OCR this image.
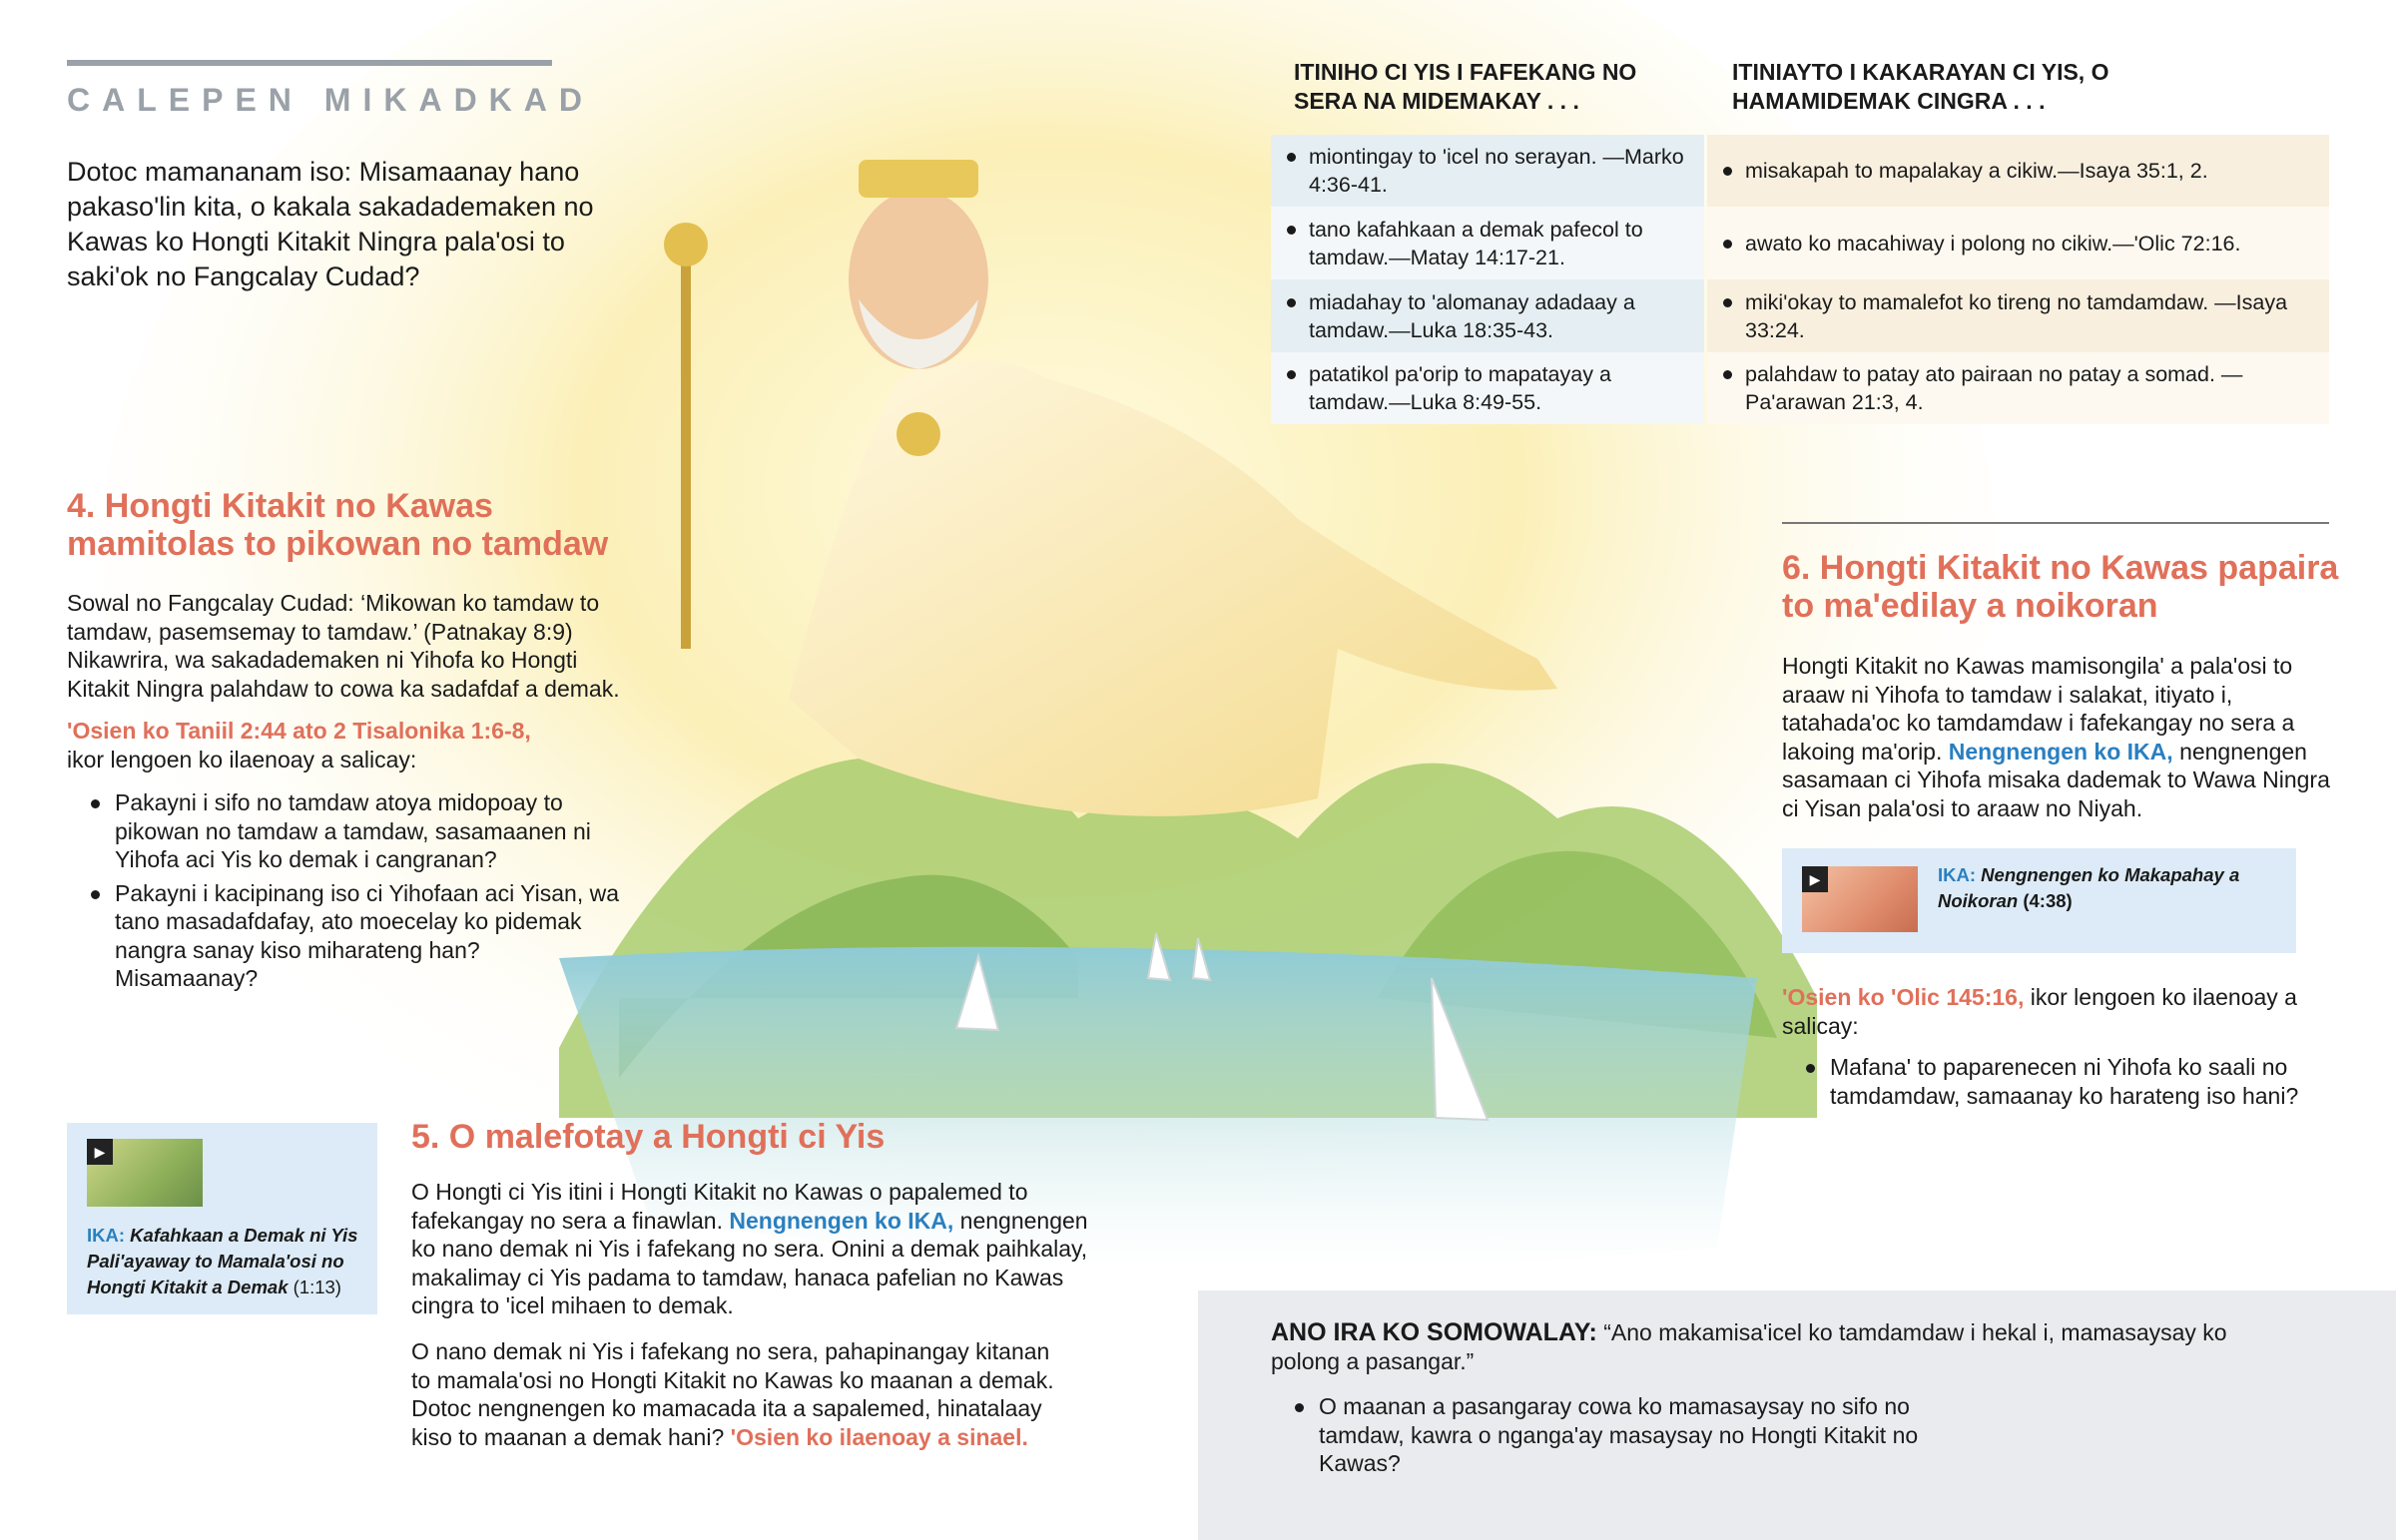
CALEPEN MIKADKAD
Dotoc mamananam iso: Misamaanay hano pakaso'lin kita, o kakala sakadademaken no Kawas ko Hongti Kitakit Ningra pala'osi to saki'ok no Fangcalay Cudad?
ITINIHO CI YIS I FAFEKANG NO SERA NA MIDEMAKAY . . .
ITINIAYTO I KAKARAYAN CI YIS, O HAMAMIDEMAK CINGRA . . .
miontingay to 'icel no serayan. —Marko 4:36-41.
misakapah to mapalakay a cikiw.—Isaya 35:1, 2.
tano kafahkaan a demak pafecol to tamdaw.—Matay 14:17-21.
awato ko macahiway i polong no cikiw.—'Olic 72:16.
miadahay to 'alomanay adadaay a tamdaw.—Luka 18:35-43.
miki'okay to mamalefot ko tireng no tamdamdaw. —Isaya 33:24.
patatikol pa'orip to mapatayay a tamdaw.—Luka 8:49-55.
palahdaw to patay ato pairaan no patay a somad. —Pa'arawan 21:3, 4.
4. Hongti Kitakit no Kawas mamitolas to pikowan no tamdaw
Sowal no Fangcalay Cudad: ‘Mikowan ko tamdaw to tamdaw, pasemsemay to tamdaw.’ (Patnakay 8:9) Nikawrira, wa sakadademaken ni Yihofa ko Hongti Kitakit Ningra palahdaw to cowa ka sadafdaf a demak.
'Osien ko Taniil 2:44 ato 2 Tisalonika 1:6-8,
ikor lengoen ko ilaenoay a salicay:
Pakayni i sifo no tamdaw atoya midopoay to pikowan no tamdaw a tamdaw, sasamaanen ni Yihofa aci Yis ko demak i cangranan?
Pakayni i kacipinang iso ci Yihofaan aci Yisan, wa tano masadafdafay, ato moecelay ko pidemak nangra sanay kiso miharateng han? Misamaanay?
▶
IKA: Kafahkaan a Demak ni Yis Pali'ayaway to Mamala'osi no Hongti Kitakit a Demak (1:13)
5. O malefotay a Hongti ci Yis
O Hongti ci Yis itini i Hongti Kitakit no Kawas o papalemed to fafekangay no sera a finawlan. Nengnengen ko IKA, nengnengen ko nano demak ni Yis i fafekang no sera. Onini a demak paihkalay, makalimay ci Yis padama to tamdaw, hanaca pafelian no Kawas cingra to 'icel mihaen to demak.
O nano demak ni Yis i fafekang no sera, pahapinangay kitanan to mamala'osi no Hongti Kitakit no Kawas ko maanan a demak. Dotoc nengnengen ko mamacada ita a sapalemed, hinatalaay kiso to maanan a demak hani? 'Osien ko ilaenoay a sinael.
6. Hongti Kitakit no Kawas papaira to ma'edilay a noikoran
Hongti Kitakit no Kawas mamisongila' a pala'osi to araaw ni Yihofa to tamdaw i salakat, itiyato i, tatahada'oc ko tamdamdaw i fafekangay no sera a lakoing ma'orip. Nengnengen ko IKA, nengnengen sasamaan ci Yihofa misaka dademak to Wawa Ningra ci Yisan pala'osi to araaw no Niyah.
▶	IKA: Nengnengen ko Makapahay a Noikoran (4:38)
'Osien ko 'Olic 145:16, ikor lengoen ko ilaenoay a salicay:
Mafana' to paparenecen ni Yihofa ko saali no tamdamdaw, samaanay ko harateng iso hani?
ANO IRA KO SOMOWALAY: “Ano makamisa'icel ko tamdamdaw i hekal i, mamasaysay ko polong a pasangar.”
O maanan a pasangaray cowa ko mamasaysay no sifo no tamdaw, kawra o nganga'ay masaysay no Hongti Kitakit no Kawas?
